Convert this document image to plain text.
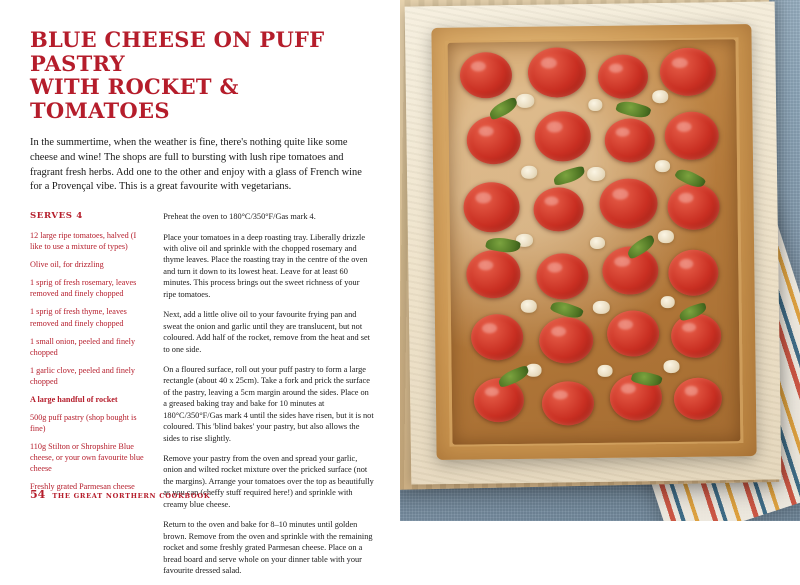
BLUE CHEESE ON PUFF PASTRY
WITH ROCKET & TOMATOES

In the summertime, when the weather is fine, there's nothing quite like some cheese and wine! The shops are full to bursting with lush ripe tomatoes and fragrant fresh herbs. Add one to the other and enjoy with a glass of French wine for a Provençal vibe. This is a great favourite with vegetarians.

SERVES 4
12 large ripe tomatoes, halved (I like to use a mixture of types)
Olive oil, for drizzling
1 sprig of fresh rosemary, leaves removed and finely chopped
1 sprig of fresh thyme, leaves removed and finely chopped
1 small onion, peeled and finely chopped
1 garlic clove, peeled and finely chopped
A large handful of rocket
500g puff pastry (shop bought is fine)
110g Stilton or Shropshire Blue cheese, or your own favourite blue cheese
Freshly grated Parmesan cheese
Preheat the oven to 180°C/350°F/Gas mark 4.
Place your tomatoes in a deep roasting tray. Liberally drizzle with olive oil and sprinkle with the chopped rosemary and thyme leaves. Place the roasting tray in the centre of the oven and turn it down to its lowest heat. Leave for at least 60 minutes. This process brings out the sweet richness of your ripe tomatoes.
Next, add a little olive oil to your favourite frying pan and sweat the onion and garlic until they are translucent, but not coloured. Add half of the rocket, remove from the heat and set to one side.
On a floured surface, roll out your puff pastry to form a large rectangle (about 40 x 25cm). Take a fork and prick the surface of the pastry, leaving a 5cm margin around the sides. Place on a greased baking tray and bake for 10 minutes at 180°C/350°F/Gas mark 4 until the sides have risen, but it is not coloured. This 'blind bakes' your pastry, but also allows the sides to rise slightly.
Remove your pastry from the oven and spread your garlic, onion and wilted rocket mixture over the pricked surface (not the margins). Arrange your tomatoes over the top as beautifully as you can (cheffy stuff required here!) and sprinkle with creamy blue cheese.
Return to the oven and bake for 8–10 minutes until golden brown. Remove from the oven and sprinkle with the remaining rocket and some freshly grated Parmesan cheese. Place on a bread board and serve whole on your dinner table with your favourite dressed salad.
54 THE GREAT NORTHERN COOKBOOK
